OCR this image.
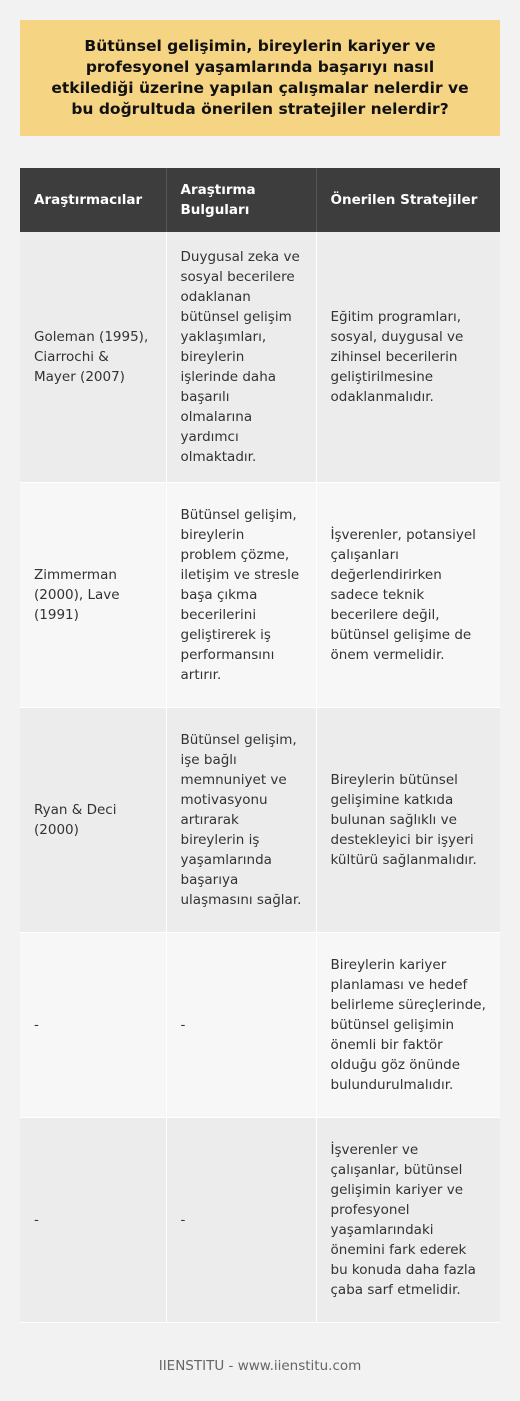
Bütünsel gelişimin, bireylerin kariyer ve profesyonel yaşamlarında başarıyı nasıl etkilediği üzerine yapılan çalışmalar nelerdir ve bu doğrultuda önerilen stratejiler nelerdir?

Araştırmacılar	Araştırma Bulguları	Önerilen Stratejiler
Goleman (1995), Ciarrochi & Mayer (2007)	Duygusal zeka ve sosyal becerilere odaklanan bütünsel gelişim yaklaşımları, bireylerin işlerinde daha başarılı olmalarına yardımcı olmaktadır.	Eğitim programları, sosyal, duygusal ve zihinsel becerilerin geliştirilmesine odaklanmalıdır.
Zimmerman (2000), Lave (1991)	Bütünsel gelişim, bireylerin problem çözme, iletişim ve stresle başa çıkma becerilerini geliştirerek iş performansını artırır.	İşverenler, potansiyel çalışanları değerlendirirken sadece teknik becerilere değil, bütünsel gelişime de önem vermelidir.
Ryan & Deci (2000)	Bütünsel gelişim, işe bağlı memnuniyet ve motivasyonu artırarak bireylerin iş yaşamlarında başarıya ulaşmasını sağlar.	Bireylerin bütünsel gelişimine katkıda bulunan sağlıklı ve destekleyici bir işyeri kültürü sağlanmalıdır.
-	-	Bireylerin kariyer planlaması ve hedef belirleme süreçlerinde, bütünsel gelişimin önemli bir faktör olduğu göz önünde bulundurulmalıdır.
-	-	İşverenler ve çalışanlar, bütünsel gelişimin kariyer ve profesyonel yaşamlarındaki önemini fark ederek bu konuda daha fazla çaba sarf etmelidir.
IIENSTITU - www.iienstitu.com
